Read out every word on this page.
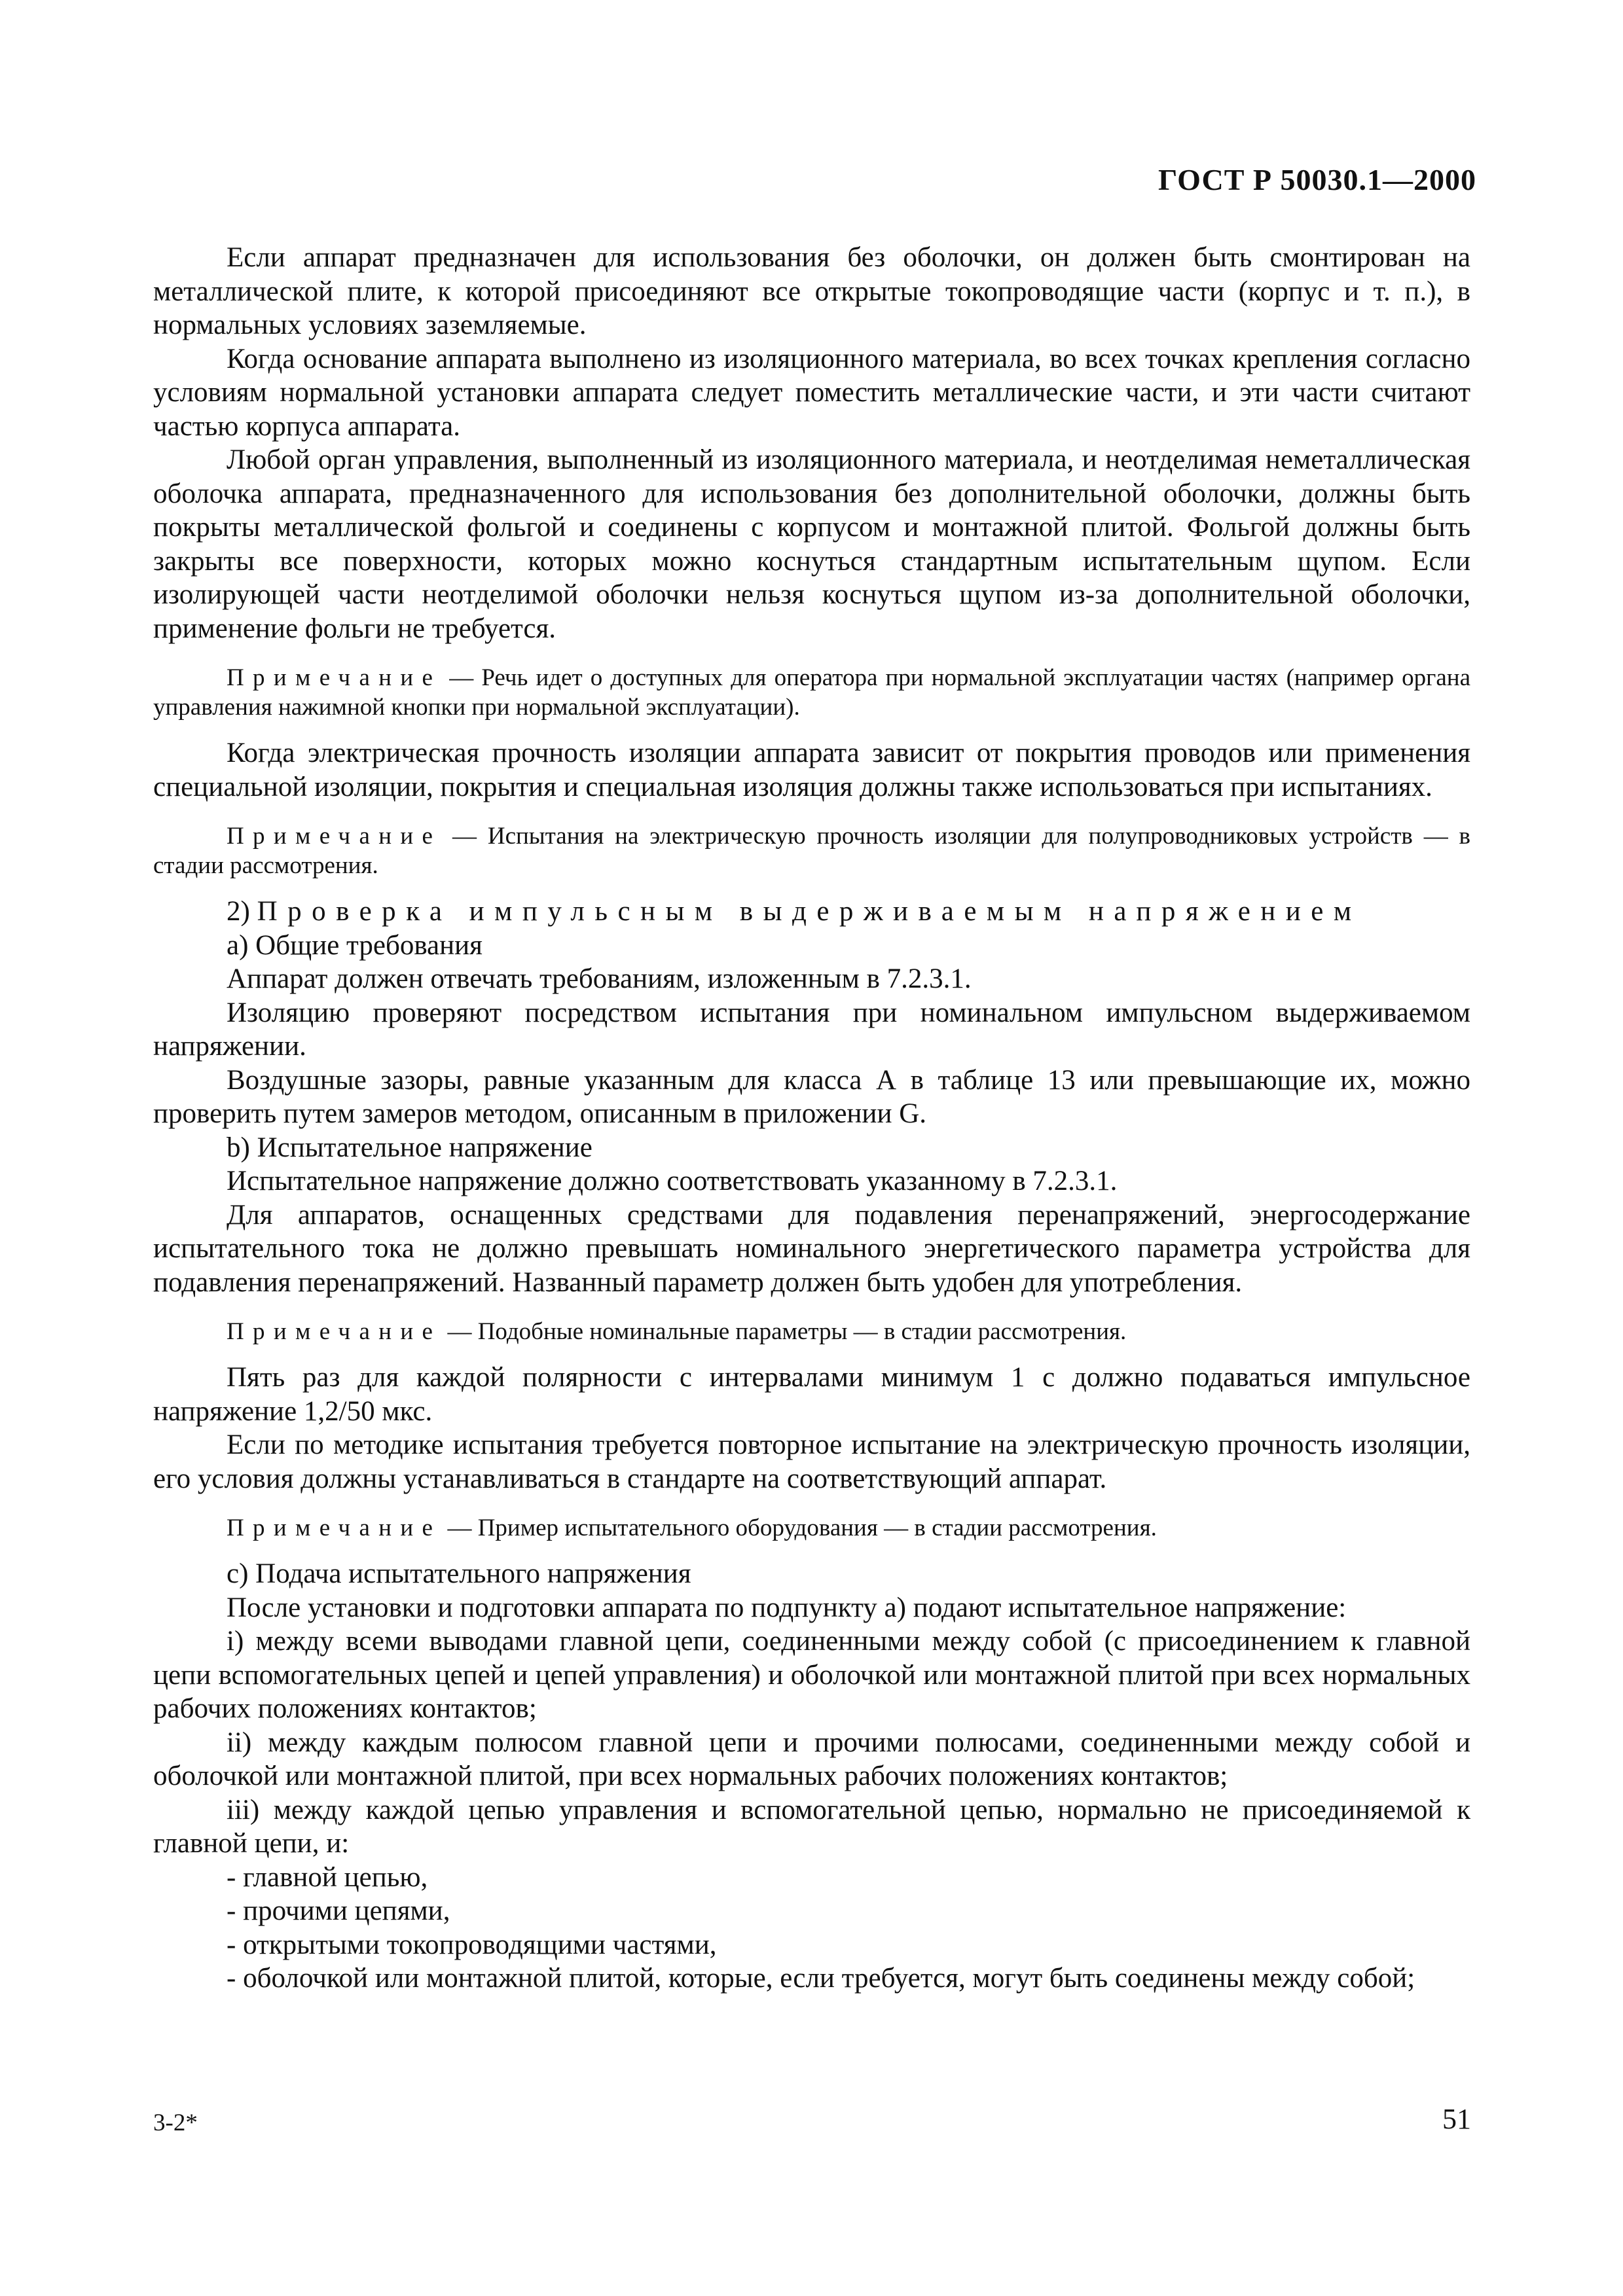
ГОСТ Р 50030.1—2000

Если аппарат предназначен для использования без оболочки, он должен быть смонтирован на металлической плите, к которой присоединяют все открытые токопроводящие части (корпус и т. п.), в нормальных условиях заземляемые.

Когда основание аппарата выполнено из изоляционного материала, во всех точках крепления согласно условиям нормальной установки аппарата следует поместить металлические части, и эти части считают частью корпуса аппарата.

Любой орган управления, выполненный из изоляционного материала, и неотделимая неметаллическая оболочка аппарата, предназначенного для использования без дополнительной оболочки, должны быть покрыты металлической фольгой и соединены с корпусом и монтажной плитой. Фольгой должны быть закрыты все поверхности, которых можно коснуться стандартным испытательным щупом. Если изолирующей части неотделимой оболочки нельзя коснуться щупом из-за дополнительной оболочки, применение фольги не требуется.

Примечание — Речь идет о доступных для оператора при нормальной эксплуатации частях (например органа управления нажимной кнопки при нормальной эксплуатации).

Когда электрическая прочность изоляции аппарата зависит от покрытия проводов или применения специальной изоляции, покрытия и специальная изоляция должны также использоваться при испытаниях.

Примечание — Испытания на электрическую прочность изоляции для полупроводниковых устройств — в стадии рассмотрения.

2) Проверка импульсным выдерживаемым напряжением

a) Общие требования

Аппарат должен отвечать требованиям, изложенным в 7.2.3.1.

Изоляцию проверяют посредством испытания при номинальном импульсном выдерживаемом напряжении.

Воздушные зазоры, равные указанным для класса А в таблице 13 или превышающие их, можно проверить путем замеров методом, описанным в приложении G.

b) Испытательное напряжение

Испытательное напряжение должно соответствовать указанному в 7.2.3.1.

Для аппаратов, оснащенных средствами для подавления перенапряжений, энергосодержание испытательного тока не должно превышать номинального энергетического параметра устройства для подавления перенапряжений. Названный параметр должен быть удобен для употребления.

Примечание — Подобные номинальные параметры — в стадии рассмотрения.

Пять раз для каждой полярности с интервалами минимум 1 с должно подаваться импульсное напряжение 1,2/50 мкс.

Если по методике испытания требуется повторное испытание на электрическую прочность изоляции, его условия должны устанавливаться в стандарте на соответствующий аппарат.

Примечание — Пример испытательного оборудования — в стадии рассмотрения.

с) Подача испытательного напряжения

После установки и подготовки аппарата по подпункту а) подают испытательное напряжение:

i) между всеми выводами главной цепи, соединенными между собой (с присоединением к главной цепи вспомогательных цепей и цепей управления) и оболочкой или монтажной плитой при всех нормальных рабочих положениях контактов;

ii) между каждым полюсом главной цепи и прочими полюсами, соединенными между собой и оболочкой или монтажной плитой, при всех нормальных рабочих положениях контактов;

iii) между каждой цепью управления и вспомогательной цепью, нормально не присоединяемой к главной цепи, и:

- главной цепью,

- прочими цепями,

- открытыми токопроводящими частями,

- оболочкой или монтажной плитой, которые, если требуется, могут быть соединены между собой;

3-2*	51
